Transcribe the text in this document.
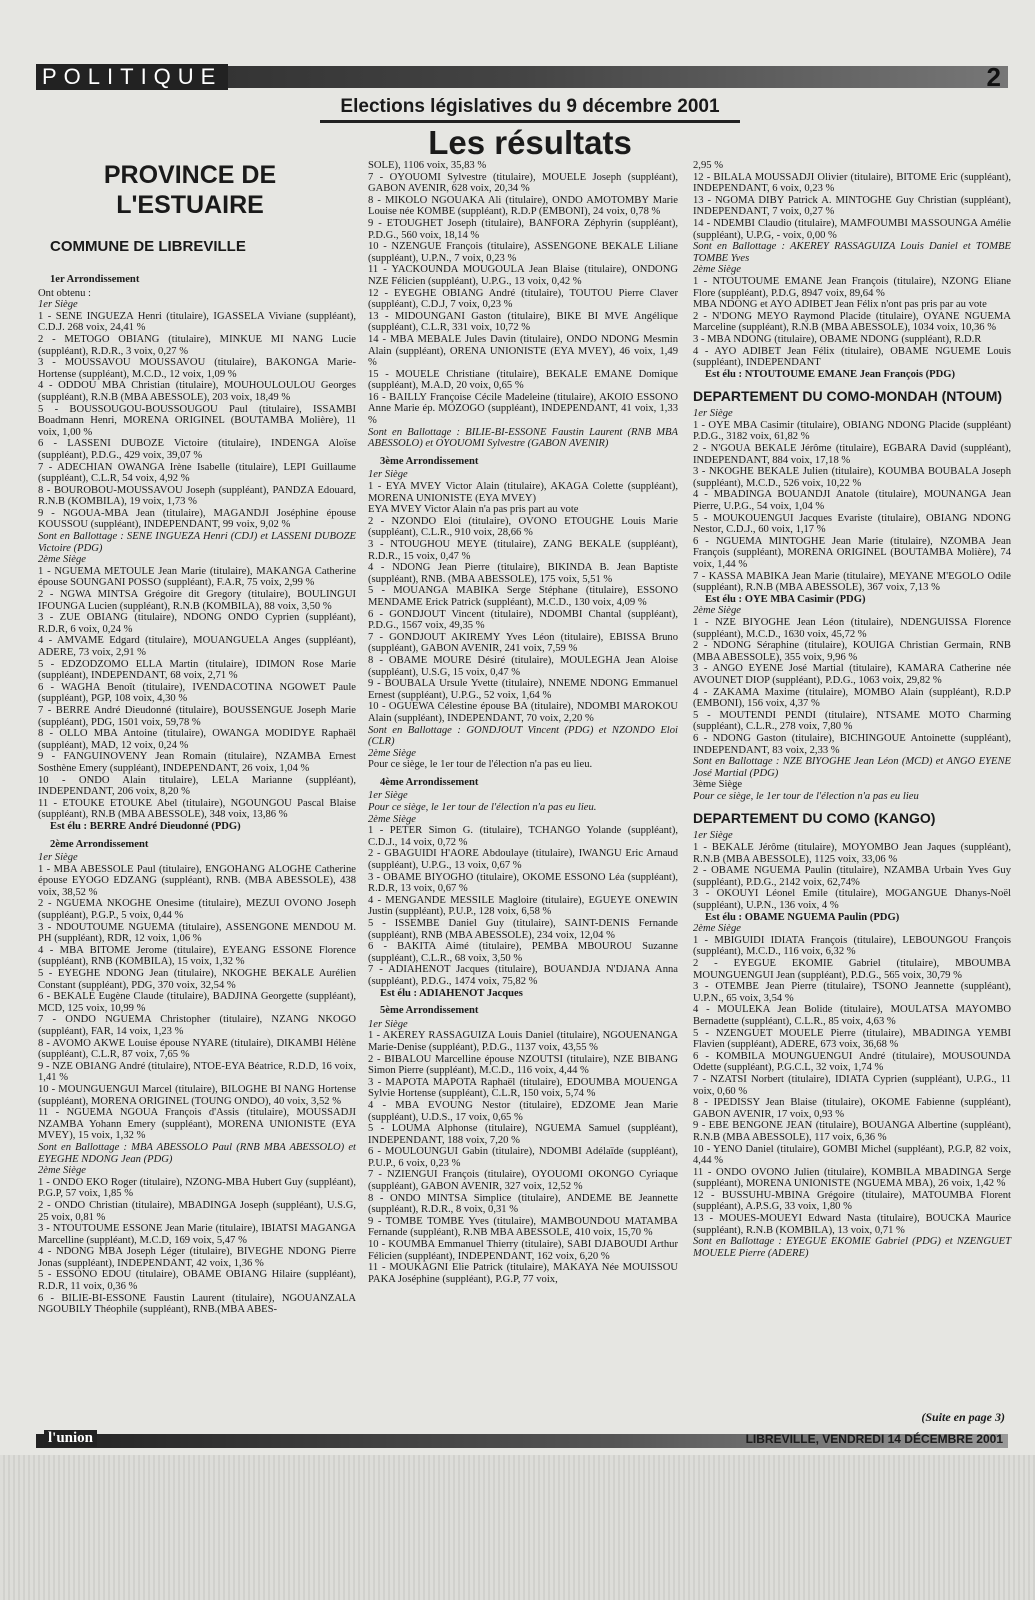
POLITIQUE	2
Elections législatives du 9 décembre 2001
Les résultats
PROVINCE DE L'ESTUAIRE
COMMUNE DE LIBREVILLE

1er Arrondissement

Ont obtenu :

1er Siège

1 - SENE INGUEZA Henri (titulaire), IGASSELA Viviane (suppléant), C.D.J. 268 voix, 24,41 %

2 - METOGO OBIANG (titulaire), MINKUE MI NANG Lucie (suppléant), R.D.R., 3 voix, 0,27 %

3 - MOUSSAVOU MOUSSAVOU (titulaire), BAKONGA Marie-Hortense (suppléant), M.C.D., 12 voix, 1,09 %

4 - ODDOU MBA Christian (titulaire), MOUHOULOULOU Georges (suppléant), R.N.B (MBA ABESSOLE), 203 voix, 18,49 %

5 - BOUSSOUGOU-BOUSSOUGOU Paul (titulaire), ISSAMBI Boadmann Henri, MORENA ORIGINEL (BOUTAMBA Molière), 11 voix, 1,00 %

6 - LASSENI DUBOZE Victoire (titulaire), INDENGA Aloïse (suppléant), P.D.G., 429 voix, 39,07 %

7 - ADECHIAN OWANGA Irène Isabelle (titulaire), LEPI Guillaume (suppléant), C.L.R, 54 voix, 4,92 %

8 - BOUROBOU-MOUSSAVOU Joseph (suppléant), PANDZA Edouard, R.N.B (KOMBILA), 19 voix, 1,73 %

9 - NGOUA-MBA Jean (titulaire), MAGANDJI Joséphine épouse KOUSSOU (suppléant), INDEPENDANT, 99 voix, 9,02 %

Sont en Ballottage : SENE INGUEZA Henri (CDJ) et LASSENI DUBOZE Victoire (PDG)

2ème Siège

1 - NGUEMA METOULE Jean Marie (titulaire), MAKANGA Catherine épouse SOUNGANI POSSO (suppléant), F.A.R, 75 voix, 2,99 %

2 - NGWA MINTSA Grégoire dit Gregory (titulaire), BOULINGUI IFOUNGA Lucien (suppléant), R.N.B (KOMBILA), 88 voix, 3,50 %

3 - ZUE OBIANG (titulaire), NDONG ONDO Cyprien (suppléant), R.D.R, 6 voix, 0,24 %

4 - AMVAME Edgard (titulaire), MOUANGUELA Anges (suppléant), ADERE, 73 voix, 2,91 %

5 - EDZODZOMO ELLA Martin (titulaire), IDIMON Rose Marie (suppléant), INDEPENDANT, 68 voix, 2,71 %

6 - WAGHA Benoît (titulaire), IVENDACOTINA NGOWET Paule (suppléant), PGP, 108 voix, 4,30 %

7 - BERRE André Dieudonné (titulaire), BOUSSENGUE Joseph Marie (suppléant), PDG, 1501 voix, 59,78 %

8 - OLLO MBA Antoine (titulaire), OWANGA MODIDYE Raphaël (suppléant), MAD, 12 voix, 0,24 %

9 - FANGUINOVENY Jean Romain (titulaire), NZAMBA Ernest Sosthène Emery (suppléant), INDEPENDANT, 26 voix, 1,04 %

10 - ONDO Alain titulaire), LELA Marianne (suppléant), INDEPENDANT, 206 voix, 8,20 %

11 - ETOUKE ETOUKE Abel (titulaire), NGOUNGOU Pascal Blaise (suppléant), RN.B (MBA ABESSOLE), 348 voix, 13,86 %

Est élu : BERRE André Dieudonné (PDG)

2ème Arrondissement

1er Siège

1 - MBA ABESSOLE Paul (titulaire), ENGOHANG ALOGHE Catherine épouse EYOGO EDZANG (suppléant), RNB. (MBA ABESSOLE), 438 voix, 38,52 %

2 - NGUEMA NKOGHE Onesime (titulaire), MEZUI OVONO Joseph (suppléant), P.G.P., 5 voix, 0,44 %

3 - NDOUTOUME NGUEMA (titulaire), ASSENGONE MENDOU M. PH (suppléant), RDR, 12 voix, 1,06 %

4 - MBA BITOME Jerome (titulaire), EYEANG ESSONE Florence (suppléant), RNB (KOMBILA), 15 voix, 1,32 %

5 - EYEGHE NDONG Jean (titulaire), NKOGHE BEKALE Aurélien Constant (suppléant), PDG, 370 voix, 32,54 %

6 - BEKALE Eugène Claude (titulaire), BADJINA Georgette (suppléant), MCD, 125 voix, 10,99 %

7 - ONDO NGUEMA Christopher (titulaire), NZANG NKOGO (suppléant), FAR, 14 voix, 1,23 %

8 - AVOMO AKWE Louise épouse NYARE (titulaire), DIKAMBI Hélène (suppléant), C.L.R, 87 voix, 7,65 %

9 - NZE OBIANG André (titulaire), NTOE-EYA Béatrice, R.D.D, 16 voix, 1,41 %

10 - MOUNGUENGUI Marcel (titulaire), BILOGHE BI NANG Hortense (suppléant), MORENA ORIGINEL (TOUNG ONDO), 40 voix, 3,52 %

11 - NGUEMA NGOUA François d'Assis (titulaire), MOUSSADJI NZAMBA Yohann Emery (suppléant), MORENA UNIONISTE (EYA MVEY), 15 voix, 1,32 %

Sont en Ballottage : MBA ABESSOLO Paul (RNB MBA ABESSOLO) et EYEGHE NDONG Jean (PDG)

2ème Siège

1 - ONDO EKO Roger (titulaire), NZONG-MBA Hubert Guy (suppléant), P.G.P, 57 voix, 1,85 %

2 - ONDO Christian (titulaire), MBADINGA Joseph (suppléant), U.S.G, 25 voix, 0,81 %

3 - NTOUTOUME ESSONE Jean Marie (titulaire), IBIATSI MAGANGA Marcelline (suppléant), M.C.D, 169 voix, 5,47 %

4 - NDONG MBA Joseph Léger (titulaire), BIVEGHE NDONG Pierre Jonas (suppléant), INDEPENDANT, 42 voix, 1,36 %

5 - ESSONO EDOU (titulaire), OBAME OBIANG Hilaire (suppléant), R.D.R, 11 voix, 0,36 %

6 - BILIE-BI-ESSONE Faustin Laurent (titulaire), NGOUANZALA NGOUBILY Théophile (suppléant), RNB.(MBA ABES-

SOLE), 1106 voix, 35,83 %

7 - OYOUOMI Sylvestre (titulaire), MOUELE Joseph (suppléant), GABON AVENIR, 628 voix, 20,34 %

8 - MIKOLO NGOUAKA Ali (titulaire), ONDO AMOTOMBY Marie Louise née KOMBE (suppléant), R.D.P (EMBONI), 24 voix, 0,78 %

9 - ETOUGHET Joseph (titulaire), BANFORA Zéphyrin (suppléant), P.D.G., 560 voix, 18,14 %

10 - NZENGUE François (titulaire), ASSENGONE BEKALE Liliane (suppléant), U.P.N., 7 voix, 0,23 %

11 - YACKOUNDA MOUGOULA Jean Blaise (titulaire), ONDONG NZE Félicien (suppléant), U.P.G., 13 voix, 0,42 %

12 - EYEGHE OBIANG André (titulaire), TOUTOU Pierre Claver (suppléant), C.D.J, 7 voix, 0,23 %

13 - MIDOUNGANI Gaston (titulaire), BIKE BI MVE Angélique (suppléant), C.L.R, 331 voix, 10,72 %

14 - MBA MEBALE Jules Davin (titulaire), ONDO NDONG Mesmin Alain (suppléant), ORENA UNIONISTE (EYA MVEY), 46 voix, 1,49 %

15 - MOUELE Christiane (titulaire), BEKALE EMANE Domique (suppléant), M.A.D, 20 voix, 0,65 %

16 - BAILLY Françoise Cécile Madeleine (titulaire), AKOIO ESSONO Anne Marie ép. MOZOGO (suppléant), INDEPENDANT, 41 voix, 1,33 %

Sont en Ballottage : BILIE-BI-ESSONE Faustin Laurent (RNB MBA ABESSOLO) et OYOUOMI Sylvestre (GABON AVENIR)

3ème Arrondissement

1er Siège

1 - EYA MVEY Victor Alain (titulaire), AKAGA Colette (suppléant), MORENA UNIONISTE (EYA MVEY)

EYA MVEY Victor Alain n'a pas pris part au vote

2 - NZONDO Eloi (titulaire), OVONO ETOUGHE Louis Marie (suppléant), C.L.R., 910 voix, 28,66 %

3 - NTOUGHOU MEYE (titulaire), ZANG BEKALE (suppléant), R.D.R., 15 voix, 0,47 %

4 - NDONG Jean Pierre (titulaire), BIKINDA B. Jean Baptiste (suppléant), RNB. (MBA ABESSOLE), 175 voix, 5,51 %

5 - MOUANGA MABIKA Serge Stéphane (titulaire), ESSONO MENDAME Erick Patrick (suppléant), M.C.D., 130 voix, 4,09 %

6 - GONDJOUT Vincent (titulaire), NDOMBI Chantal (suppléant), P.D.G., 1567 voix, 49,35 %

7 - GONDJOUT AKIREMY Yves Léon (titulaire), EBISSA Bruno (suppléant), GABON AVENIR, 241 voix, 7,59 %

8 - OBAME MOURE Désiré (titulaire), MOULEGHA Jean Aloise (suppléant), U.S.G, 15 voix, 0,47 %

9 - BOUBALA Ursule Yvette (titulaire), NNEME NDONG Emmanuel Ernest (suppléant), U.P.G., 52 voix, 1,64 %

10 - OGUEWA Célestine épouse BA (titulaire), NDOMBI MAROKOU Alain (suppléant), INDEPENDANT, 70 voix, 2,20 %

Sont en Ballottage : GONDJOUT Vincent (PDG) et NZONDO Eloi (CLR)

2ème Siège

Pour ce siège, le 1er tour de l'élection n'a pas eu lieu.

4ème Arrondissement

1er Siège

Pour ce siège, le 1er tour de l'élection n'a pas eu lieu.

2ème Siège

1 - PETER Simon G. (titulaire), TCHANGO Yolande (suppléant), C.D.J., 14 voix, 0,72 %

2 - GBAGUIDI H'AORE Abdoulaye (titulaire), IWANGU Eric Arnaud (suppléant), U.P.G., 13 voix, 0,67 %

3 - OBAME BIYOGHO (titulaire), OKOME ESSONO Léa (suppléant), R.D.R, 13 voix, 0,67 %

4 - MENGANDE MESSILE Magloire (titulaire), EGUEYE ONEWIN Justin (suppléant), P.U.P., 128 voix, 6,58 %

5 - ISSEMBE Daniel Guy (titulaire), SAINT-DENIS Fernande (suppléant), RNB (MBA ABESSOLE), 234 voix, 12,04 %

6 - BAKITA Aimé (titulaire), PEMBA MBOUROU Suzanne (suppléant), C.L.R., 68 voix, 3,50 %

7 - ADIAHENOT Jacques (titulaire), BOUANDJA N'DJANA Anna (suppléant), P.D.G., 1474 voix, 75,82 %

Est élu : ADIAHENOT Jacques

5ème Arrondissement

1er Siège

1 - AKEREY RASSAGUIZA Louis Daniel (titulaire), NGOUENANGA Marie-Denise (suppléant), P.D.G., 1137 voix, 43,55 %

2 - BIBALOU Marcelline épouse NZOUTSI (titulaire), NZE BIBANG Simon Pierre (suppléant), M.C.D., 116 voix, 4,44 %

3 - MAPOTA MAPOTA Raphaël (titulaire), EDOUMBA MOUENGA Sylvie Hortense (suppléant), C.L.R, 150 voix, 5,74 %

4 - MBA EVOUNG Nestor (titulaire), EDZOME Jean Marie (suppléant), U.D.S., 17 voix, 0,65 %

5 - LOUMA Alphonse (titulaire), NGUEMA Samuel (suppléant), INDEPENDANT, 188 voix, 7,20 %

6 - MOULOUNGUI Gabin (titulaire), NDOMBI Adélaïde (suppléant), P.U.P., 6 voix, 0,23 %

7 - NZIENGUI François (titulaire), OYOUOMI OKONGO Cyriaque (suppléant), GABON AVENIR, 327 voix, 12,52 %

8 - ONDO MINTSA Simplice (titulaire), ANDEME BE Jeannette (suppléant), R.D.R., 8 voix, 0,31 %

9 - TOMBE TOMBE Yves (titulaire), MAMBOUNDOU MATAMBA Fernande (suppléant), R.NB MBA ABESSOLE, 410 voix, 15,70 %

10 - KOUMBA Emmanuel Thierry (titulaire), SABI DJABOUDI Arthur Félicien (suppléant), INDEPENDANT, 162 voix, 6,20 %

11 - MOUKAGNI Elie Patrick (titulaire), MAKAYA Née MOUISSOU PAKA Joséphine (suppléant), P.G.P, 77 voix,

2,95 %

12 - BILALA MOUSSADJI Olivier (titulaire), BITOME Eric (suppléant), INDEPENDANT, 6 voix, 0,23 %

13 - NGOMA DIBY Patrick A. MINTOGHE Guy Christian (suppléant), INDEPENDANT, 7 voix, 0,27 %

14 - NDEMBI Claudio (titulaire), MAMFOUMBI MASSOUNGA Amélie (suppléant), U.P.G, - voix, 0,00 %

Sont en Ballottage : AKEREY RASSAGUIZA Louis Daniel et TOMBE TOMBE Yves

2ème Siège

1 - NTOUTOUME EMANE Jean François (titulaire), NZONG Eliane Flore (suppléant), P.D.G, 8947 voix, 89,64 %

MBA NDONG et AYO ADIBET Jean Félix n'ont pas pris par au vote

2 - N'DONG MEYO Raymond Placide (titulaire), OYANE NGUEMA Marceline (suppléant), R.N.B (MBA ABESSOLE), 1034 voix, 10,36 %

3 - MBA NDONG (titulaire), OBAME NDONG (suppléant), R.D.R

4 - AYO ADIBET Jean Félix (titulaire), OBAME NGUEME Louis (suppléant), INDEPENDANT

Est élu : NTOUTOUME EMANE Jean François (PDG)

DEPARTEMENT DU COMO-MONDAH (NTOUM)

1er Siège

1 - OYE MBA Casimir (titulaire), OBIANG NDONG Placide (suppléant) P.D.G., 3182 voix, 61,82 %

2 - N'GOUA BEKALE Jérôme (titulaire), EGBARA David (suppléant), INDEPENDANT, 884 voix, 17,18 %

3 - NKOGHE BEKALE Julien (titulaire), KOUMBA BOUBALA Joseph (suppléant), M.C.D., 526 voix, 10,22 %

4 - MBADINGA BOUANDJI Anatole (titulaire), MOUNANGA Jean Pierre, U.P.G., 54 voix, 1,04 %

5 - MOUKOUENGUI Jacques Evariste (titulaire), OBIANG NDONG Nestor, C.D.J., 60 voix, 1,17 %

6 - NGUEMA MINTOGHE Jean Marie (titulaire), NZOMBA Jean François (suppléant), MORENA ORIGINEL (BOUTAMBA Molière), 74 voix, 1,44 %

7 - KASSA MABIKA Jean Marie (titulaire), MEYANE M'EGOLO Odile (suppléant), R.N.B (MBA ABESSOLE), 367 voix, 7,13 %

Est élu : OYE MBA Casimir (PDG)

2ème Siège

1 - NZE BIYOGHE Jean Léon (titulaire), NDENGUISSA Florence (suppléant), M.C.D., 1630 voix, 45,72 %

2 - NDONG Séraphine (titulaire), KOUIGA Christian Germain, RNB (MBA ABESSOLE), 355 voix, 9,96 %

3 - ANGO EYENE José Martial (titulaire), KAMARA Catherine née AVOUNET DIOP (suppléant), P.D.G., 1063 voix, 29,82 %

4 - ZAKAMA Maxime (titulaire), MOMBO Alain (suppléant), R.D.P (EMBONI), 156 voix, 4,37 %

5 - MOUTENDI PENDI (titulaire), NTSAME MOTO Charming (suppléant), C.L.R., 278 voix, 7,80 %

6 - NDONG Gaston (titulaire), BICHINGOUE Antoinette (suppléant), INDEPENDANT, 83 voix, 2,33 %

Sont en Ballottage : NZE BIYOGHE Jean Léon (MCD) et ANGO EYENE José Martial (PDG)

3ème Siège

Pour ce siège, le 1er tour de l'élection n'a pas eu lieu

DEPARTEMENT DU COMO (KANGO)

1er Siège

1 - BEKALE Jérôme (titulaire), MOYOMBO Jean Jaques (suppléant), R.N.B (MBA ABESSOLE), 1125 voix, 33,06 %

2 - OBAME NGUEMA Paulin (titulaire), NZAMBA Urbain Yves Guy (suppléant), P.D.G., 2142 voix, 62,74%

3 - OKOUYI Léonel Emile (titulaire), MOGANGUE Dhanys-Noël (suppléant), U.P.N., 136 voix, 4 %

Est élu : OBAME NGUEMA Paulin (PDG)

2ème Siège

1 - MBIGUIDI IDIATA François (titulaire), LEBOUNGOU François (suppléant), M.C.D., 116 voix, 6,32 %

2 - EYEGUE EKOMIE Gabriel (titulaire), MBOUMBA MOUNGUENGUI Jean (suppléant), P.D.G., 565 voix, 30,79 %

3 - OTEMBE Jean Pierre (titulaire), TSONO Jeannette (suppléant), U.P.N., 65 voix, 3,54 %

4 - MOULEKA Jean Bolide (titulaire), MOULATSA MAYOMBO Bernadette (suppléant), C.L.R., 85 voix, 4,63 %

5 - NZENGUET MOUELE Pierre (titulaire), MBADINGA YEMBI Flavien (suppléant), ADERE, 673 voix, 36,68 %

6 - KOMBILA MOUNGUENGUI André (titulaire), MOUSOUNDA Odette (suppléant), P.G.C.L, 32 voix, 1,74 %

7 - NZATSI Norbert (titulaire), IDIATA Cyprien (suppléant), U.P.G., 11 voix, 0,60 %

8 - IPEDISSY Jean Blaise (titulaire), OKOME Fabienne (suppléant), GABON AVENIR, 17 voix, 0,93 %

9 - EBE BENGONE JEAN (titulaire), BOUANGA Albertine (suppléant), R.N.B (MBA ABESSOLE), 117 voix, 6,36 %

10 - YENO Daniel (titulaire), GOMBI Michel (suppléant), P.G.P, 82 voix, 4,44 %

11 - ONDO OVONO Julien (titulaire), KOMBILA MBADINGA Serge (suppléant), MORENA UNIONISTE (NGUEMA MBA), 26 voix, 1,42 %

12 - BUSSUHU-MBINA Grégoire (titulaire), MATOUMBA Florent (suppléant), A.P.S.G, 33 voix, 1,80 %

13 - MOUES-MOUEYI Edward Nasta (titulaire), BOUCKA Maurice (suppléant), R.N.B (KOMBILA), 13 voix, 0,71 %

Sont en Ballottage : EYEGUE EKOMIE Gabriel (PDG) et NZENGUET MOUELE Pierre (ADERE)

(Suite en page 3)
l'union	LIBREVILLE, VENDREDI 14 DÉCEMBRE 2001
